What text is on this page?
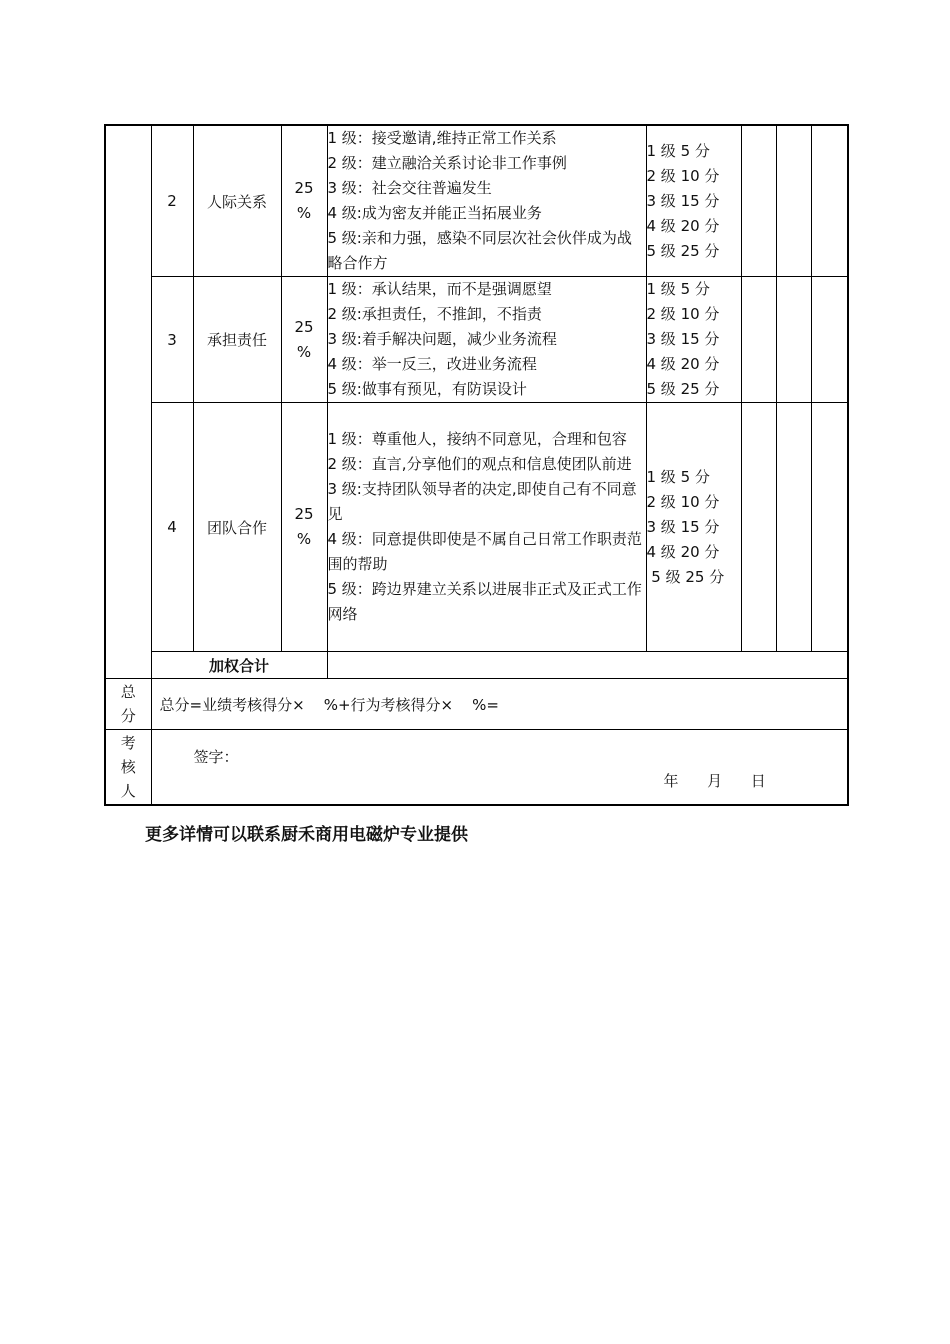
	2	人际关系	25
%	1 级：接受邀请,维持正常工作关系
2 级：建立融洽关系讨论非工作事例
3 级：社会交往普遍发生
4 级:成为密友并能正当拓展业务
5 级:亲和力强，感染不同层次社会伙伴成为战略合作方	1 级 5 分
2 级 10 分
3 级 15 分
4 级 20 分
5 级 25 分			

	3	承担责任	25
%	1 级：承认结果，而不是强调愿望
2 级:承担责任，不推卸，不指责
3 级:着手解决问题，减少业务流程
4 级：举一反三，改进业务流程
5 级:做事有预见，有防误设计	1 级 5 分
2 级 10 分
3 级 15 分
4 级 20 分
5 级 25 分			

	4	团队合作	25
%	1 级：尊重他人，接纳不同意见，合理和包容
2 级：直言,分享他们的观点和信息使团队前进
3 级:支持团队领导者的决定,即使自己有不同意见
4 级：同意提供即使是不属自己日常工作职责范围的帮助
5 级：跨边界建立关系以进展非正式及正式工作网络	1 级 5 分
2 级 10 分
3 级 15 分
4 级 20 分
5 级 25 分			

	加权合计							

总
分	总分=业绩考核得分×    %+行为考核得分×    %=							

考
核
人	签字：
年      月      日							
更多详情可以联系厨禾商用电磁炉专业提供
